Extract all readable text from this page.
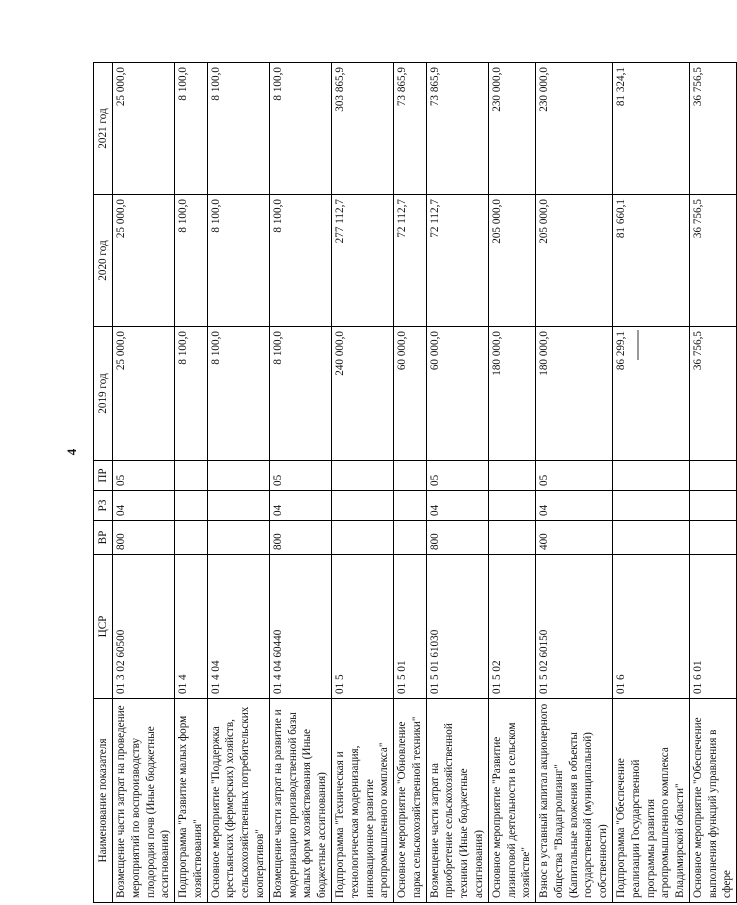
4
Наименование показателя	ЦСР	ВР	РЗ	ПР	2019 год	2020 год	2021 год
Возмещение части затрат на проведение мероприятий по воспроизводству плодородия почв (Иные бюджетные ассигнования)	01 3 02 60500	800	04	05	25 000,0	25 000,0	25 000,0
Подпрограмма "Развитие малых форм хозяйствования"	01 4				8 100,0	8 100,0	8 100,0
Основное мероприятие "Поддержка крестьянских (фермерских) хозяйств, сельскохозяйственных потребительских кооперативов"	01 4 04				8 100,0	8 100,0	8 100,0
Возмещение части затрат на развитие и модернизацию производственной базы малых форм хозяйствования (Иные бюджетные ассигнования)	01 4 04 60440	800	04	05	8 100,0	8 100,0	8 100,0
Подпрограмма "Техническая и технологическая модернизация, инновационное развитие агропромышленного комплекса"	01 5				240 000,0	277 112,7	303 865,9
Основное мероприятие "Обновление парка сельскохозяйственной техники"	01 5 01				60 000,0	72 112,7	73 865,9
Возмещение части затрат на приобретение сельскохозяйственной техники (Иные бюджетные ассигнования)	01 5 01 61030	800	04	05	60 000,0	72 112,7	73 865,9
Основное мероприятие "Развитие лизинговой деятельности в сельском хозяйстве"	01 5 02				180 000,0	205 000,0	230 000,0
Взнос в уставный капитал акционерного общества "Владагролизинг" (Капитальные вложения в объекты государственной (муниципальной) собственности)	01 5 02 60150	400	04	05	180 000,0	205 000,0	230 000,0
Подпрограмма "Обеспечение реализации Государственной программы развития агропромышленного комплекса Владимирской области"	01 6				86 299,1	81 660,1	81 324,1
Основное мероприятие "Обеспечение выполнения функций управления в сфере	01 6 01				36 756,5	36 756,5	36 756,5
